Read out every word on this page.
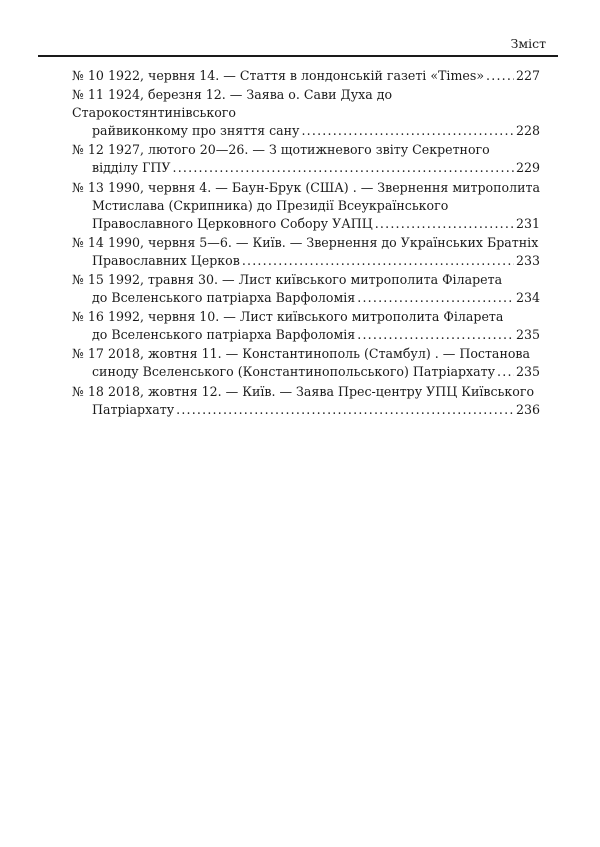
Зміст
№ 10 1922, червня 14. — Стаття в лондонській газеті «Times» . . .	227
№ 11 1924, березня 12. — Заява о. Сави Духа до Старокостянтинівського
райвиконкому про зняття сану . . .	228
№ 12 1927, лютого 20—26. — З щотижневого звіту Секретного
відділу ГПУ . . .	229
№ 13 1990, червня 4. — Баун-Брук (США) . — Звернення митрополита
Мстислава (Скрипника) до Президії Всеукраїнського
Православного Церковного Собору УАПЦ . . .	231
№ 14 1990, червня 5—6. — Київ. — Звернення до Українських Братніх
Православних Церков . . .	233
№ 15 1992, травня 30. — Лист київського митрополита Філарета
до Вселенського патріарха Варфоломія . . .	234
№ 16 1992, червня 10. — Лист київського митрополита Філарета
до Вселенського патріарха Варфоломія . . .	235
№ 17 2018, жовтня 11. — Константинополь (Стамбул) . — Постанова
синоду Вселенського (Константинопольського) Патріархату . . . 235
№ 18 2018, жовтня 12. — Київ. — Заява Прес-центру УПЦ Київського
Патріархату . . .	236
